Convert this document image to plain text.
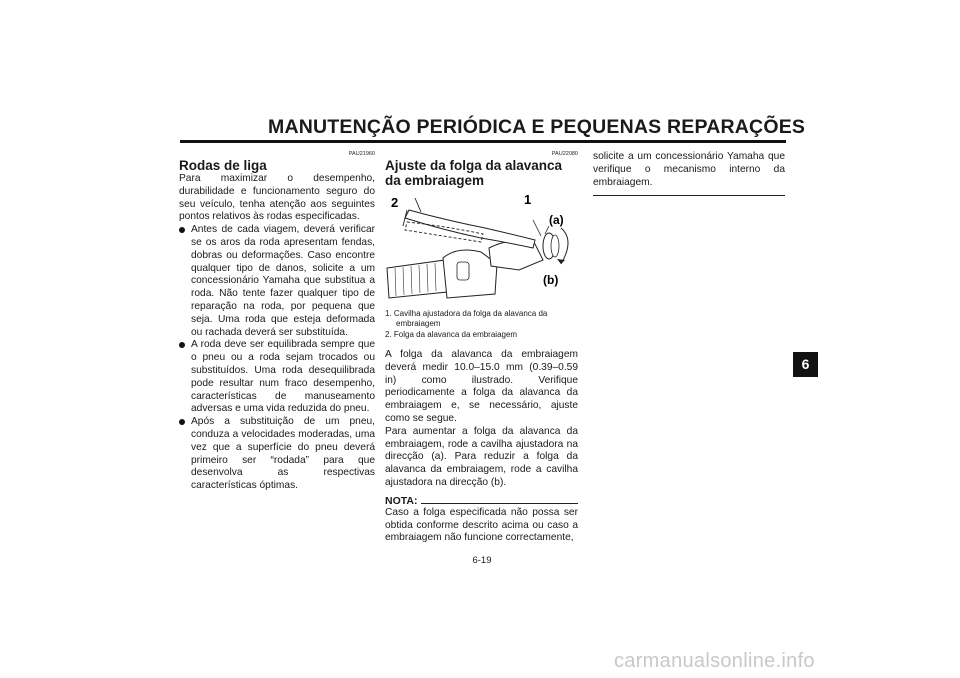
MANUTENÇÃO PERIÓDICA E PEQUENAS REPARAÇÕES
6
PAU21960
Rodas de liga

Para maximizar o desempenho, durabilidade e funcionamento seguro do seu veículo, tenha atenção aos seguintes pontos relativos às rodas especificadas.

Antes de cada viagem, deverá verificar se os aros da roda apresentam fendas, dobras ou deformações. Caso encontre qualquer tipo de danos, solicite a um concessionário Yamaha que substitua a roda. Não tente fazer qualquer tipo de reparação na roda, por pequena que seja. Uma roda que esteja deformada ou rachada deverá ser substituída.
A roda deve ser equilibrada sempre que o pneu ou a roda sejam trocados ou substituídos. Uma roda desequilibrada pode resultar num fraco desempenho, características de manuseamento adversas e uma vida reduzida do pneu.
Após a substituição de um pneu, conduza a velocidades moderadas, uma vez que a superfície do pneu deverá primeiro ser “rodada” para que desenvolva as respectivas características óptimas.
PAU22080
Ajuste da folga da alavanca da embraiagem
2	1
(a)
(b)

1. Cavilha ajustadora da folga da alavanca da embraiagem

2. Folga da alavanca da embraiagem

A folga da alavanca da embraiagem deverá medir 10.0–15.0 mm (0.39–0.59 in) como ilustrado. Verifique periodicamente a folga da alavanca da embraiagem e, se necessário, ajuste como se segue.

Para aumentar a folga da alavanca da embraiagem, rode a cavilha ajustadora na direcção (a). Para reduzir a folga da alavanca da embraiagem, rode a cavilha ajustadora na direcção (b).

NOTA:

Caso a folga especificada não possa ser obtida conforme descrito acima ou caso a embraiagem não funcione correctamente,

solicite a um concessionário Yamaha que verifique o mecanismo interno da embraiagem.

6-19
carmanualsonline.info
